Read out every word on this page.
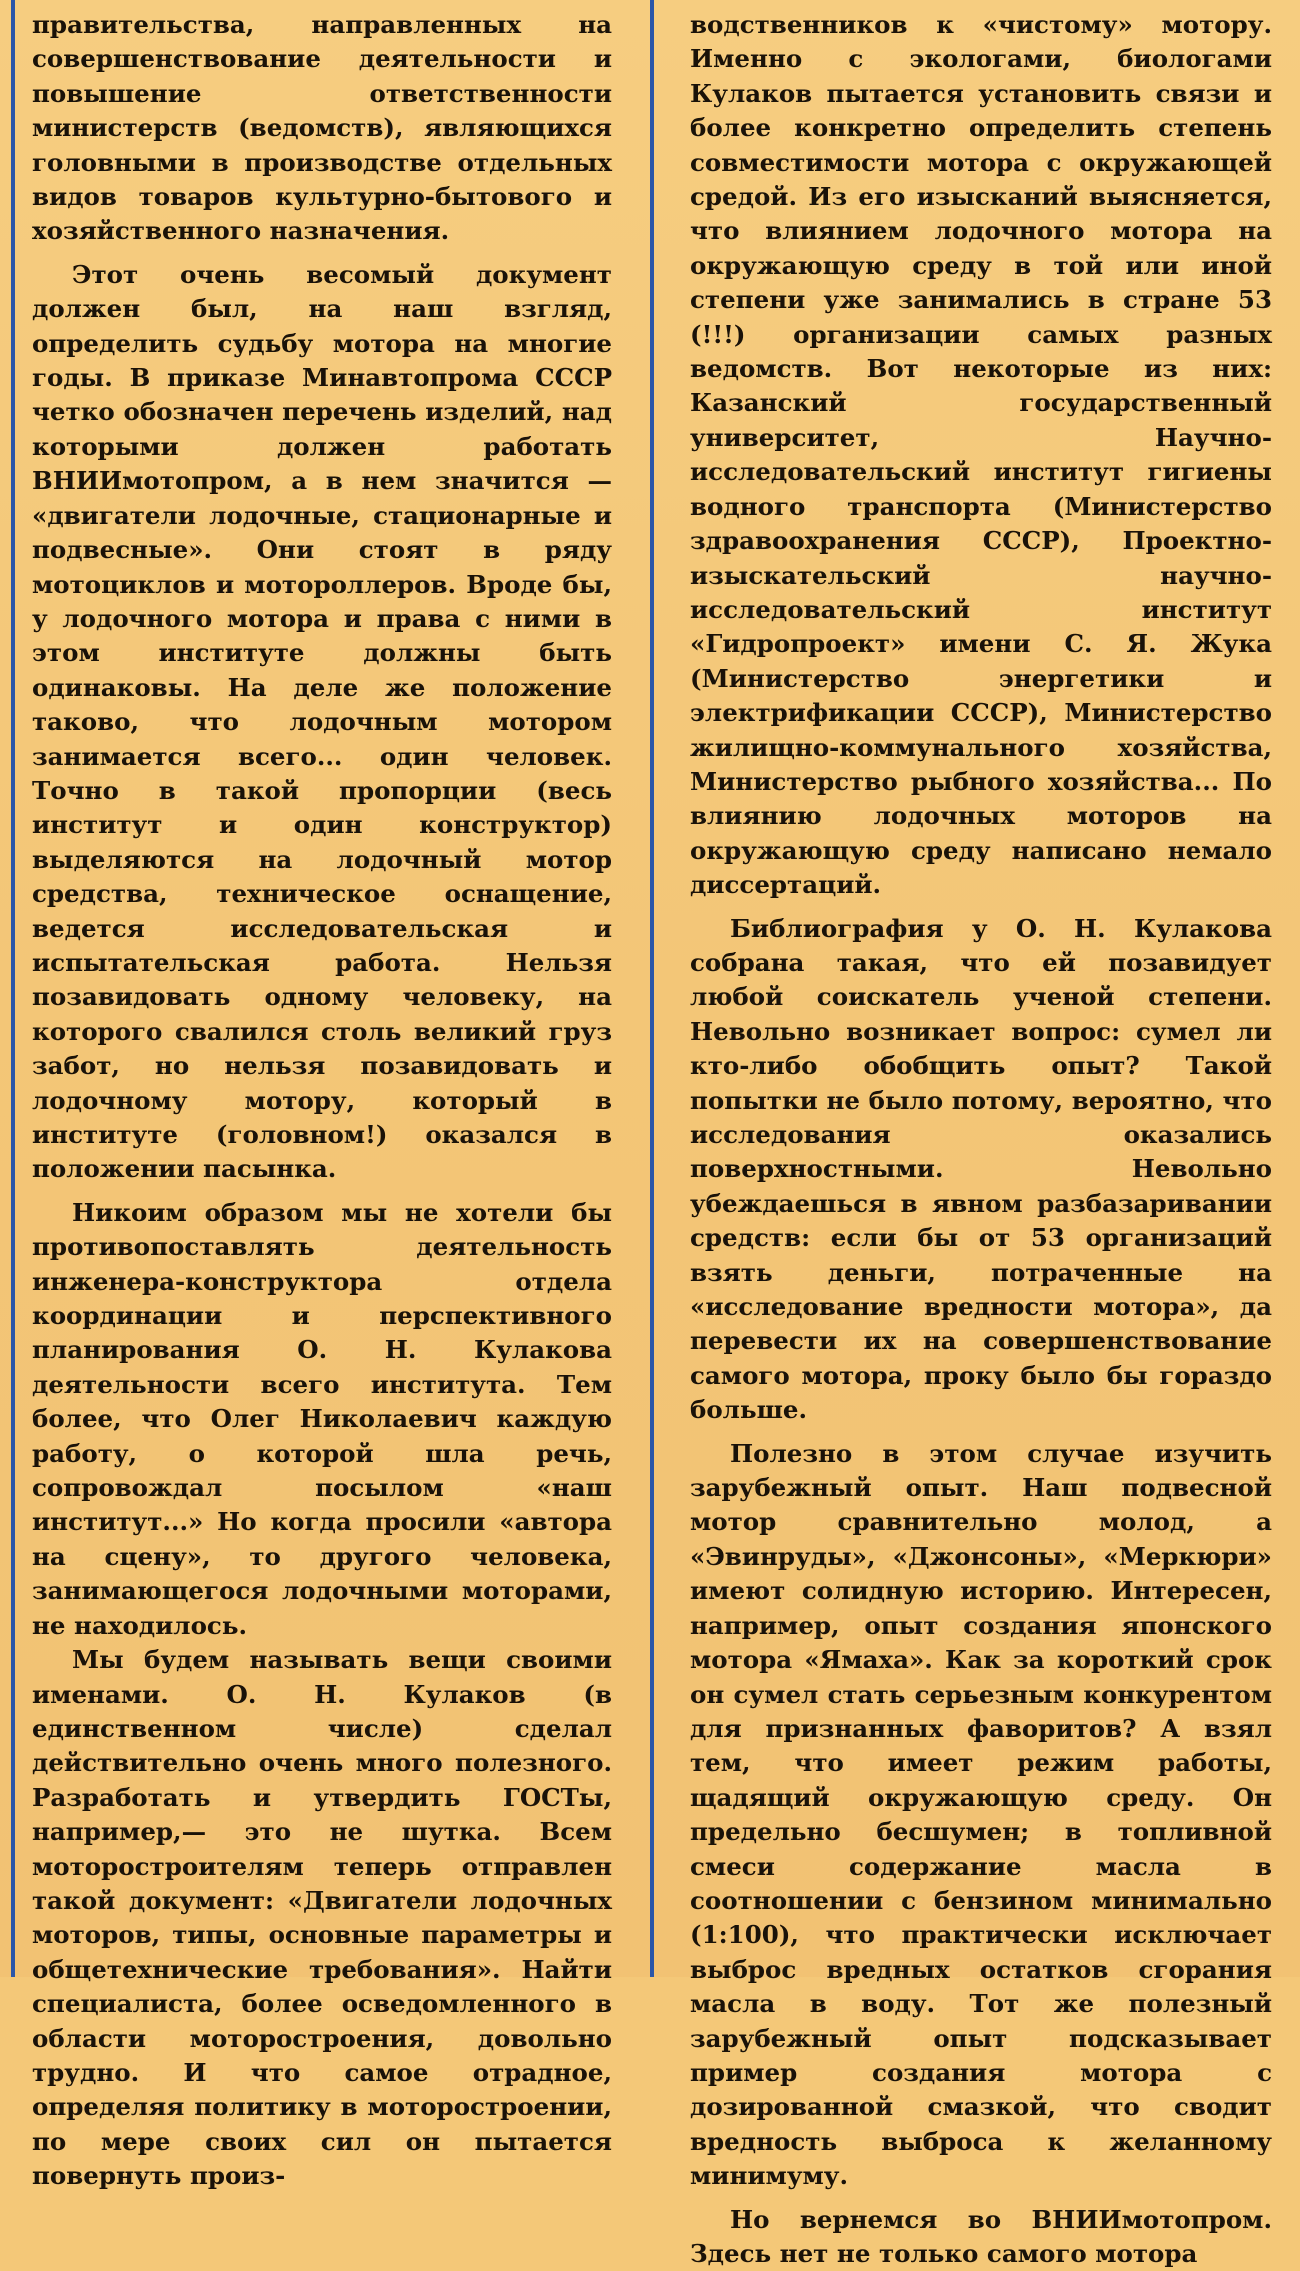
правительства, направленных на совершенствование деятельности и повышение ответственности министерств (ведомств), являющихся головными в производстве отдельных видов товаров культурно-бытового и хозяйственного назначения.

Этот очень весомый документ должен был, на наш взгляд, определить судьбу мотора на многие годы. В приказе Минавтопрома СССР четко обозначен перечень изделий, над которыми должен работать ВНИИмотопром, а в нем значится — «двигатели лодочные, стационарные и подвесные». Они стоят в ряду мотоциклов и мотороллеров. Вроде бы, у лодочного мотора и права с ними в этом институте должны быть одинаковы. На деле же положение таково, что лодочным мотором занимается всего... один человек. Точно в такой пропорции (весь институт и один конструктор) выделяются на лодочный мотор средства, техническое оснащение, ведется исследовательская и испытательская работа. Нельзя позавидовать одному человеку, на которого свалился столь великий груз забот, но нельзя позавидовать и лодочному мотору, который в институте (головном!) оказался в положении пасынка.

Никоим образом мы не хотели бы противопоставлять деятельность инженера-конструктора отдела координации и перспективного планирования О. Н. Кулакова деятельности всего института. Тем более, что Олег Николаевич каждую работу, о которой шла речь, сопровождал посылом «наш институт...» Но когда просили «автора на сцену», то другого человека, занимающегося лодочными моторами, не находилось.

Мы будем называть вещи своими именами. О. Н. Кулаков (в единственном числе) сделал действительно очень много полезного. Разработать и утвердить ГОСТы, например,— это не шутка. Всем моторостроителям теперь отправлен такой документ: «Двигатели лодочных моторов, типы, основные параметры и общетехнические требования». Найти специалиста, более осведомленного в области моторостроения, довольно трудно. И что самое отрадное, определяя политику в моторостроении, по мере своих сил он пытается повернуть произ-

водственников к «чистому» мотору. Именно с экологами, биологами Кулаков пытается установить связи и более конкретно определить степень совместимости мотора с окружающей средой. Из его изысканий выясняется, что влиянием лодочного мотора на окружающую среду в той или иной степени уже занимались в стране 53 (!!!) организации самых разных ведомств. Вот некоторые из них: Казанский государственный университет, Научно-исследовательский институт гигиены водного транспорта (Министерство здравоохранения СССР), Проектно-изыскательский научно-исследовательский институт «Гидропроект» имени С. Я. Жука (Министерство энергетики и электрификации СССР), Министерство жилищно-коммунального хозяйства, Министерство рыбного хозяйства... По влиянию лодочных моторов на окружающую среду написано немало диссертаций.

Библиография у О. Н. Кулакова собрана такая, что ей позавидует любой соискатель ученой степени. Невольно возникает вопрос: сумел ли кто-либо обобщить опыт? Такой попытки не было потому, вероятно, что исследования оказались поверхностными. Невольно убеждаешься в явном разбазаривании средств: если бы от 53 организаций взять деньги, потраченные на «исследование вредности мотора», да перевести их на совершенствование самого мотора, проку было бы гораздо больше.

Полезно в этом случае изучить зарубежный опыт. Наш подвесной мотор сравнительно молод, а «Эвинруды», «Джонсоны», «Меркюри» имеют солидную историю. Интересен, например, опыт создания японского мотора «Ямаха». Как за короткий срок он сумел стать серьезным конкурентом для признанных фаворитов? А взял тем, что имеет режим работы, щадящий окружающую среду. Он предельно бесшумен; в топливной смеси содержание масла в соотношении с бензином минимально (1:100), что практически исключает выброс вредных остатков сгорания масла в воду. Тот же полезный зарубежный опыт подсказывает пример создания мотора с дозированной смазкой, что сводит вредность выброса к желанному минимуму.

Но вернемся во ВНИИмотопром. Здесь нет не только самого мотора
